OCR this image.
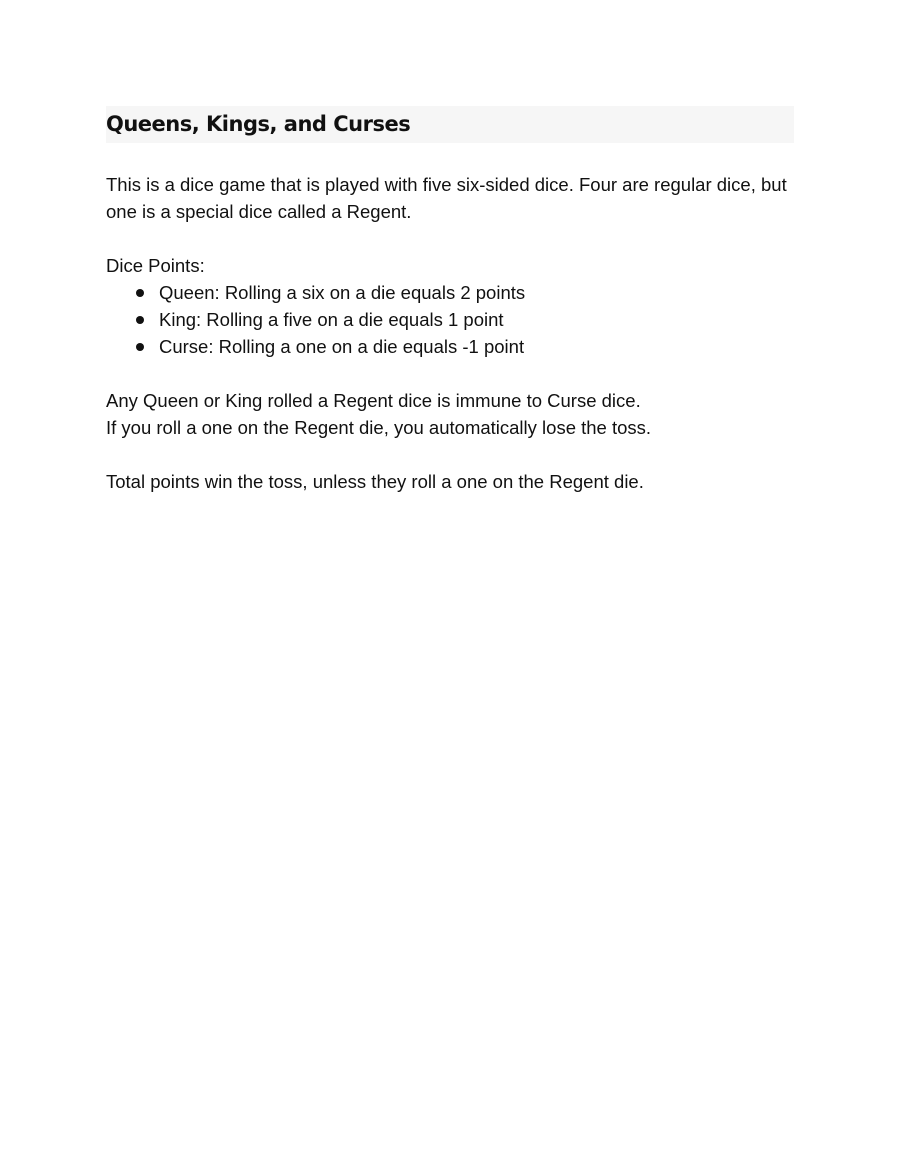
Queens, Kings, and Curses

This is a dice game that is played with five six-sided dice. Four are regular dice, but one is a special dice called a Regent.

Dice Points:

Queen: Rolling a six on a die equals 2 points
King: Rolling a five on a die equals 1 point
Curse: Rolling a one on a die equals -1 point

Any Queen or King rolled a Regent dice is immune to Curse dice.

If you roll a one on the Regent die, you automatically lose the toss.

Total points win the toss, unless they roll a one on the Regent die.
